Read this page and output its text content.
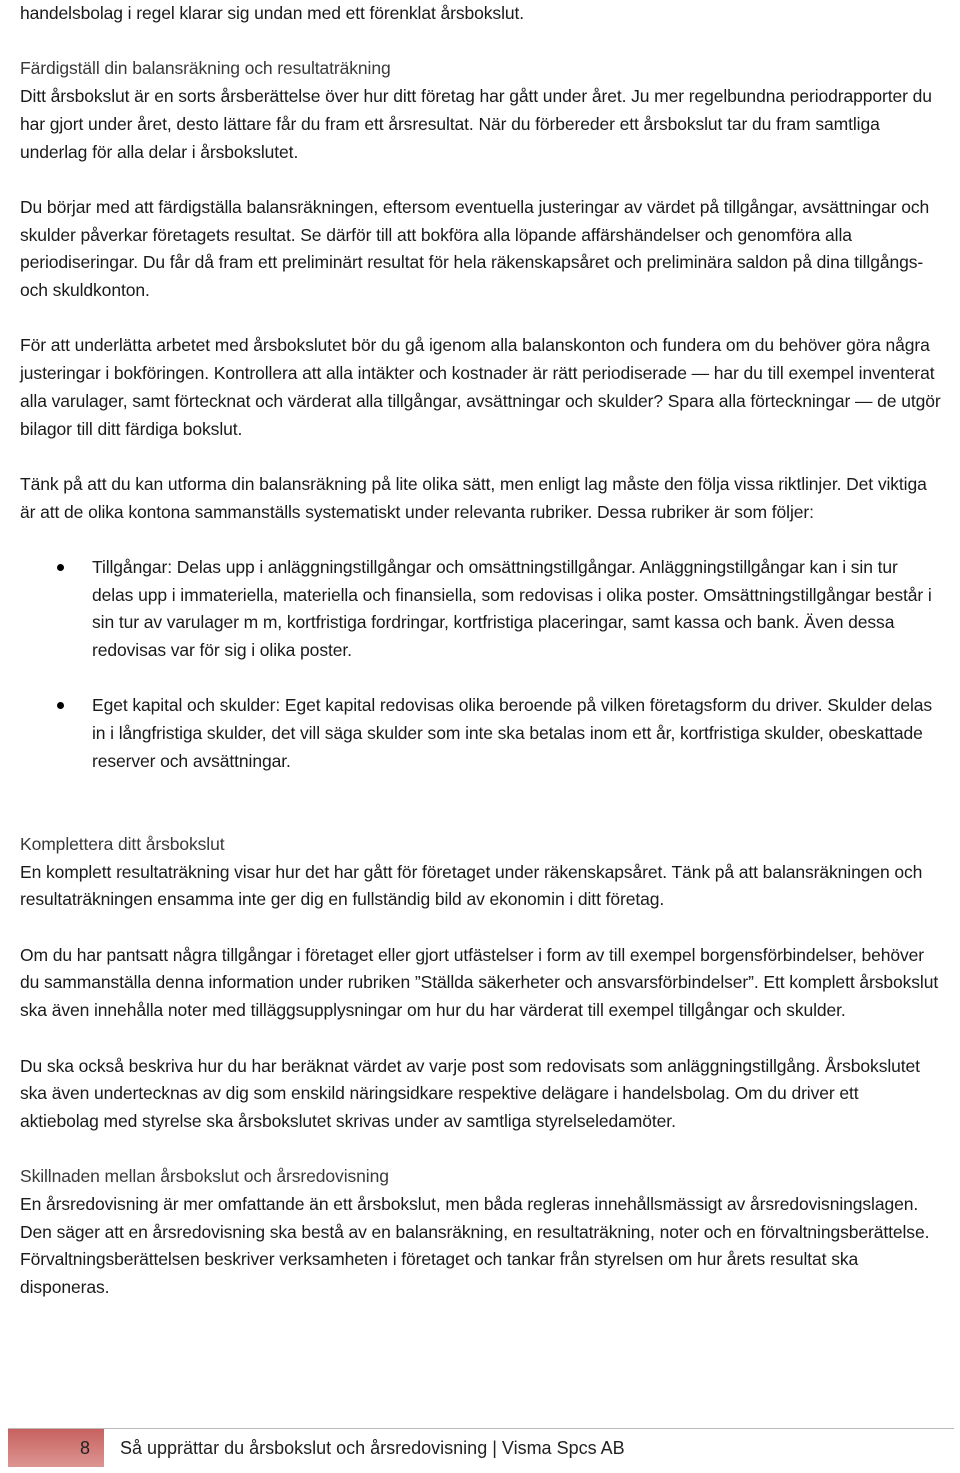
handelsbolag i regel klarar sig undan med ett förenklat årsbokslut.

Färdigställ din balansräkning och resultaträkning

Ditt årsbokslut är en sorts årsberättelse över hur ditt företag har gått under året. Ju mer regelbundna periodrapporter du har gjort under året, desto lättare får du fram ett årsresultat. När du förbereder ett årsbokslut tar du fram samtliga underlag för alla delar i årsbokslutet.

Du börjar med att färdigställa balansräkningen, eftersom eventuella justeringar av värdet på tillgångar, avsättningar och skulder påverkar företagets resultat. Se därför till att bokföra alla löpande affärshändelser och genomföra alla periodiseringar. Du får då fram ett preliminärt resultat för hela räkenskapsåret och preliminära saldon på dina tillgångs- och skuldkonton.

För att underlätta arbetet med årsbokslutet bör du gå igenom alla balanskonton och fundera om du behöver göra några justeringar i bokföringen. Kontrollera att alla intäkter och kostnader är rätt periodiserade — har du till exempel inventerat alla varulager, samt förtecknat och värderat alla tillgångar, avsättningar och skulder? Spara alla förteckningar — de utgör bilagor till ditt färdiga bokslut.

Tänk på att du kan utforma din balansräkning på lite olika sätt, men enligt lag måste den följa vissa riktlinjer. Det viktiga är att de olika kontona sammanställs systematiskt under relevanta rubriker. Dessa rubriker är som följer:

Tillgångar: Delas upp i anläggningstillgångar och omsättningstillgångar. Anläggningstillgångar kan i sin tur delas upp i immateriella, materiella och finansiella, som redovisas i olika poster. Omsättningstillgångar består i sin tur av varulager m m, kortfristiga fordringar, kortfristiga placeringar, samt kassa och bank. Även dessa redovisas var för sig i olika poster.
Eget kapital och skulder: Eget kapital redovisas olika beroende på vilken företagsform du driver. Skulder delas in i långfristiga skulder, det vill säga skulder som inte ska betalas inom ett år, kortfristiga skulder, obeskattade reserver och avsättningar.
Komplettera ditt årsbokslut

En komplett resultaträkning visar hur det har gått för företaget under räkenskapsåret. Tänk på att balansräkningen och resultaträkningen ensamma inte ger dig en fullständig bild av ekonomin i ditt företag.

Om du har pantsatt några tillgångar i företaget eller gjort utfästelser i form av till exempel borgensförbindelser, behöver du sammanställa denna information under rubriken ”Ställda säkerheter och ansvarsförbindelser”. Ett komplett årsbokslut ska även innehålla noter med tilläggsupplysningar om hur du har värderat till exempel tillgångar och skulder.

Du ska också beskriva hur du har beräknat värdet av varje post som redovisats som anläggningstillgång. Årsbokslutet ska även undertecknas av dig som enskild näringsidkare respektive delägare i handelsbolag. Om du driver ett aktiebolag med styrelse ska årsbokslutet skrivas under av samtliga styrelseledamöter.

Skillnaden mellan årsbokslut och årsredovisning

En årsredovisning är mer omfattande än ett årsbokslut, men båda regleras innehållsmässigt av årsredovisningslagen. Den säger att en årsredovisning ska bestå av en balansräkning, en resultaträkning, noter och en förvaltningsberättelse. Förvaltningsberättelsen beskriver verksamheten i företaget och tankar från styrelsen om hur årets resultat ska disponeras.

8 Så upprättar du årsbokslut och årsredovisning | Visma Spcs AB
